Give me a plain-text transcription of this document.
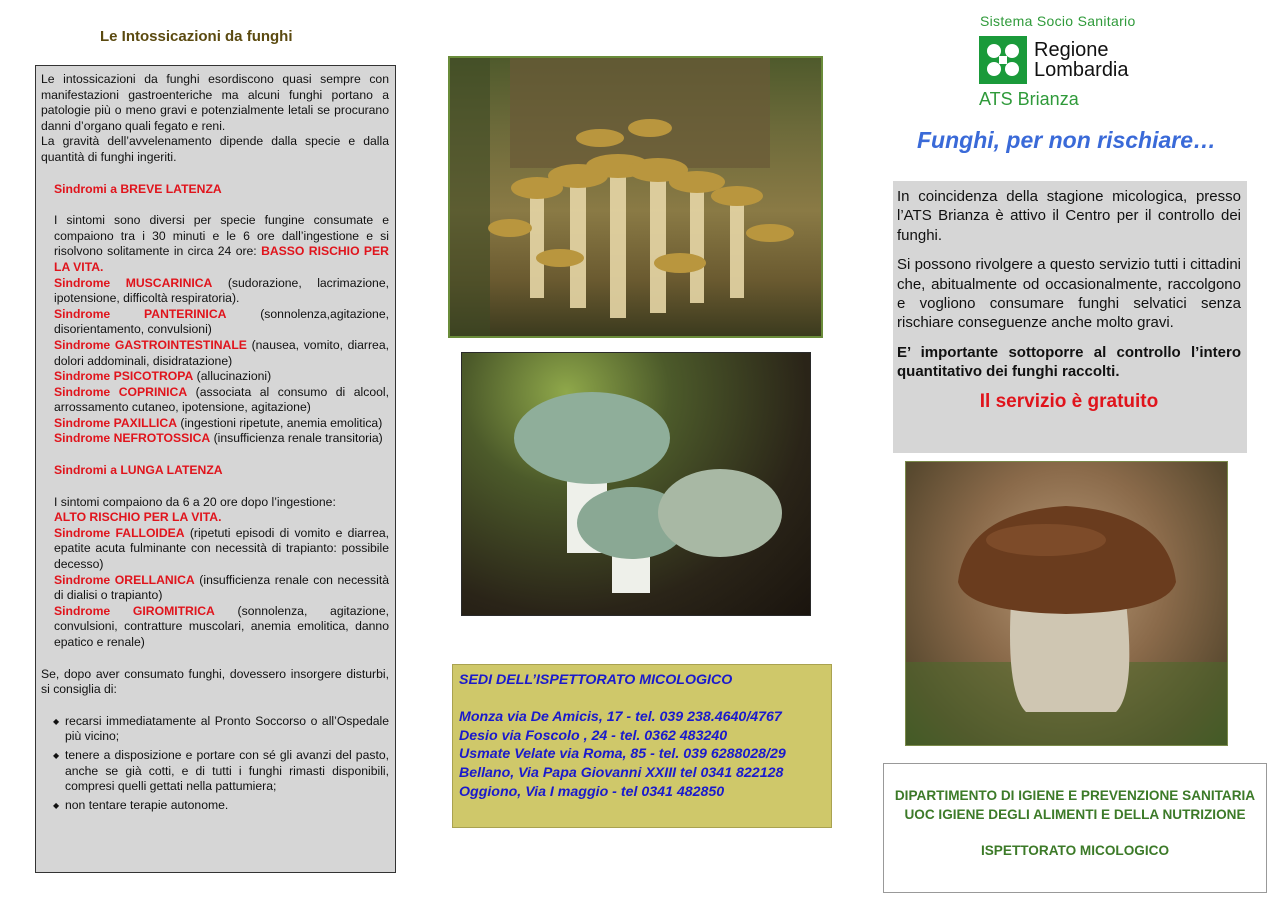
Le Intossicazioni da funghi

Le intossicazioni da funghi esordiscono quasi sempre con manifestazioni gastroenteriche ma alcuni funghi portano a patologie più o meno gravi e potenzialmente letali se procurano danni d’organo quali fegato e reni.

La gravità dell’avvelenamento dipende dalla specie e dalla quantità di funghi ingeriti.

Sindromi a BREVE LATENZA

I sintomi sono diversi per specie fungine consumate e compaiono tra i 30 minuti e le 6 ore dall’ingestione e si risolvono solitamente in circa 24 ore: BASSO RISCHIO PER LA VITA.

Sindrome MUSCARINICA (sudorazione, lacrimazione, ipotensione, difficoltà respiratoria).

Sindrome PANTERINICA (sonnolenza,agitazione, disorientamento, convulsioni)

Sindrome GASTROINTESTINALE (nausea, vomito, diarrea, dolori addominali, disidratazione)

Sindrome PSICOTROPA (allucinazioni)

Sindrome COPRINICA (associata al consumo di alcool, arrossamento cutaneo, ipotensione, agitazione)

Sindrome PAXILLICA (ingestioni ripetute, anemia emolitica)

Sindrome NEFROTOSSICA (insufficienza renale transitoria)

Sindromi a LUNGA LATENZA

I sintomi compaiono da 6 a 20 ore dopo l’ingestione:

ALTO RISCHIO PER LA VITA.

Sindrome FALLOIDEA (ripetuti episodi di vomito e diarrea, epatite acuta fulminante con necessità di trapianto: possibile decesso)

Sindrome ORELLANICA (insufficienza renale con necessità di dialisi o trapianto)

Sindrome GIROMITRICA (sonnolenza, agitazione, convulsioni, contratture muscolari, anemia emolitica, danno epatico e renale)

Se, dopo aver consumato funghi, dovessero insorgere disturbi, si consiglia di:

◆ recarsi immediatamente al Pronto Soccorso o all’Ospedale più vicino;
◆ tenere a disposizione e portare con sé gli avanzi del pasto, anche se già cotti, e di tutti i funghi rimasti disponibili, compresi quelli gettati nella pattumiera;
◆ non tentare terapie autonome.
SEDI DELL’ISPETTORATO MICOLOGICO
Monza via De Amicis, 17 - tel. 039 238.4640/4767
Desio via Foscolo , 24 - tel. 0362 483240
Usmate Velate via Roma, 85 - tel. 039 6288028/29
Bellano, Via Papa Giovanni XXIII tel 0341 822128
Oggiono, Via I maggio - tel 0341 482850
Sistema Socio Sanitario
Regione
Lombardia
ATS Brianza
Funghi, per non rischiare…

In coincidenza della stagione micologica, presso l’ATS Brianza è attivo il Centro per il controllo dei funghi.

Si possono rivolgere a questo servizio tutti i cittadini che, abitualmente od occasionalmente, raccolgono e vogliono consumare funghi selvatici senza rischiare conseguenze anche molto gravi.

E’ importante sottoporre al controllo l’intero quantitativo dei funghi raccolti.

Il servizio è gratuito
DIPARTIMENTO DI IGIENE E PREVENZIONE SANITARIA
UOC IGIENE DEGLI ALIMENTI E DELLA NUTRIZIONE
ISPETTORATO MICOLOGICO
